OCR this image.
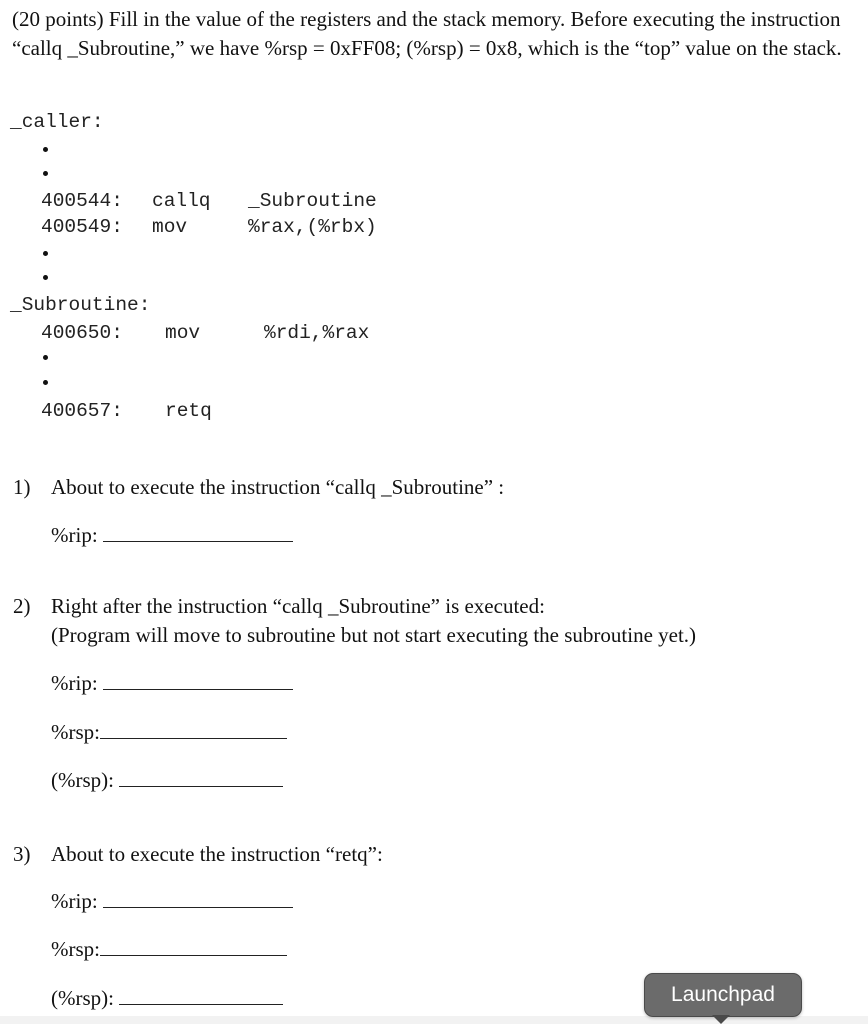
(20 points) Fill in the value of the registers and the stack memory. Before executing the instruction “callq _Subroutine,” we have %rsp = 0xFF08; (%rsp) = 0x8, which is the “top” value on the stack.

_caller:
400544: callq _Subroutine
400549: mov	%rax,(%rbx)
_Subroutine:
400650: mov	%rdi,%rax
400657: retq
1) About to execute the instruction “callq _Subroutine” :
%rip:
2) Right after the instruction “callq _Subroutine” is executed:
(Program will move to subroutine but not start executing the subroutine yet.)
%rip:
%rsp:
(%rsp):
3) About to execute the instruction “retq”:
%rip:
%rsp:
(%rsp):	Launchpad
